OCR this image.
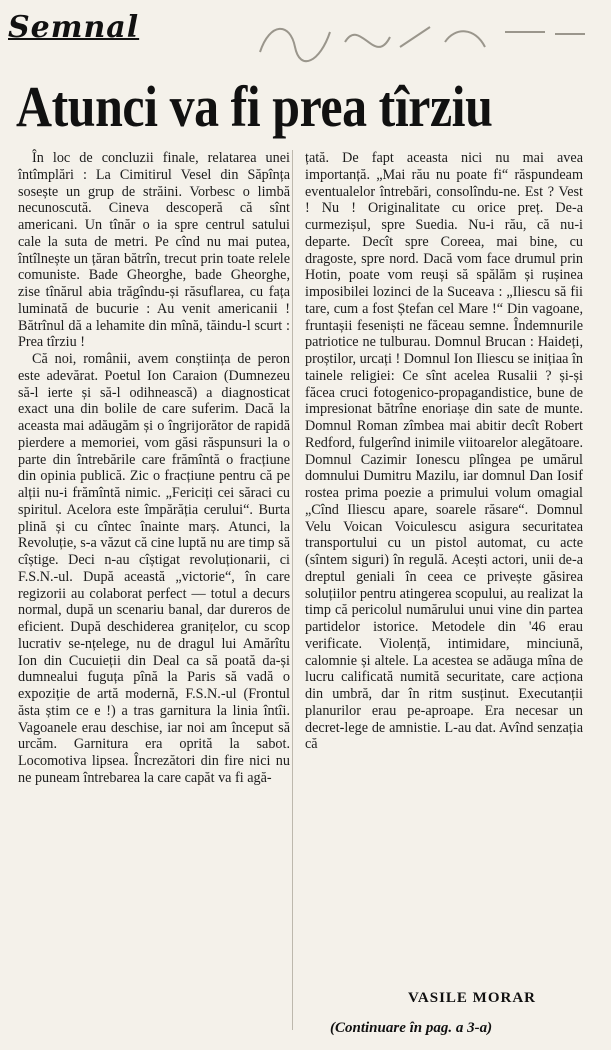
Semnal
Atunci va fi prea tîrziu

În loc de concluzii finale, relatarea unei întîmplări : La Cimitirul Vesel din Săpînța sosește un grup de străini. Vorbesc o limbă necunoscută. Cineva descoperă că sînt americani. Un tînăr o ia spre centrul satului cale la suta de metri. Pe cînd nu mai putea, întîlnește un țăran bătrîn, trecut prin toate relele comuniste. Bade Gheorghe, bade Gheorghe, zise tînărul abia trăgîndu-și răsuflarea, cu fața luminată de bucurie : Au venit americanii ! Bătrînul dă a lehamite din mînă, tăindu-l scurt : Prea tîrziu !

Că noi, românii, avem conștiința de peron este adevărat. Poetul Ion Caraion (Dumnezeu să-l ierte și să-l odihnească) a diagnosticat exact una din bolile de care suferim. Dacă la aceasta mai adăugăm și o îngrijorător de rapidă pierdere a memoriei, vom găsi răspunsuri la o parte din întrebările care frămîntă o fracțiune din opinia publică. Zic o fracțiune pentru că pe alții nu-i frămîntă nimic. „Fericiți cei săraci cu spiritul. Acelora este împărăția cerului“. Burta plină și cu cîntec înainte marș. Atunci, la Revoluție, s-a văzut că cine luptă nu are timp să cîștige. Deci n-au cîștigat revoluționarii, ci F.S.N.-ul. După această „victorie“, în care regizorii au colaborat perfect — totul a decurs normal, după un scenariu banal, dar dureros de eficient. După deschiderea granițelor, cu scop lucrativ se-nțelege, nu de dragul lui Amărîtu Ion din Cucuieții din Deal ca să poată da-și dumnealui fuguța pînă la Paris să vadă o expoziție de artă modernă, F.S.N.-ul (Frontul ăsta știm ce e !) a tras garnitura la linia întîi. Vagoanele erau deschise, iar noi am început să urcăm. Garnitura era oprită la sabot. Locomotiva lipsea. Încrezători din fire nici nu ne puneam întrebarea la care capăt va fi agă-

țată. De fapt aceasta nici nu mai avea importanță. „Mai rău nu poate fi“ răspundeam eventualelor întrebări, consolîndu-ne. Est ? Vest ! Nu ! Originalitate cu orice preț. De-a curmezișul, spre Suedia. Nu-i rău, că nu-i departe. Decît spre Coreea, mai bine, cu dragoste, spre nord. Dacă vom face drumul prin Hotin, poate vom reuși să spălăm și rușinea imposibilei lozinci de la Suceava : „Iliescu să fii tare, cum a fost Ștefan cel Mare !“ Din vagoane, fruntașii feseniști ne făceau semne. Îndemnurile patriotice ne tulburau. Domnul Brucan : Haideți, proștilor, urcați ! Domnul Ion Iliescu se inițiaa în tainele religiei: Ce sînt acelea Rusalii ? și-și făcea cruci fotogenico-propagandistice, bune de impresionat bătrîne enoriașe din sate de munte. Domnul Roman zîmbea mai abitir decît Robert Redford, fulgerînd inimile viitoarelor alegătoare. Domnul Cazimir Ionescu plîngea pe umărul domnului Dumitru Mazilu, iar domnul Dan Iosif rostea prima poezie a primului volum omagial „Cînd Iliescu apare, soarele răsare“. Domnul Velu Voican Voiculescu asigura securitatea transportului cu un pistol automat, cu acte (sîntem siguri) în regulă. Acești actori, unii de-a dreptul geniali în ceea ce privește găsirea soluțiilor pentru atingerea scopului, au realizat la timp că pericolul numărului unui vine din partea partidelor istorice. Metodele din '46 erau verificate. Violență, intimidare, minciună, calomnie și altele. La acestea se adăuga mîna de lucru calificată numită securitate, care acționa din umbră, dar în ritm susținut. Executanții planurilor erau pe-aproape. Era necesar un decret-lege de amnistie. L-au dat. Avînd senzația că

VASILE MORAR
(Continuare în pag. a 3-a)
